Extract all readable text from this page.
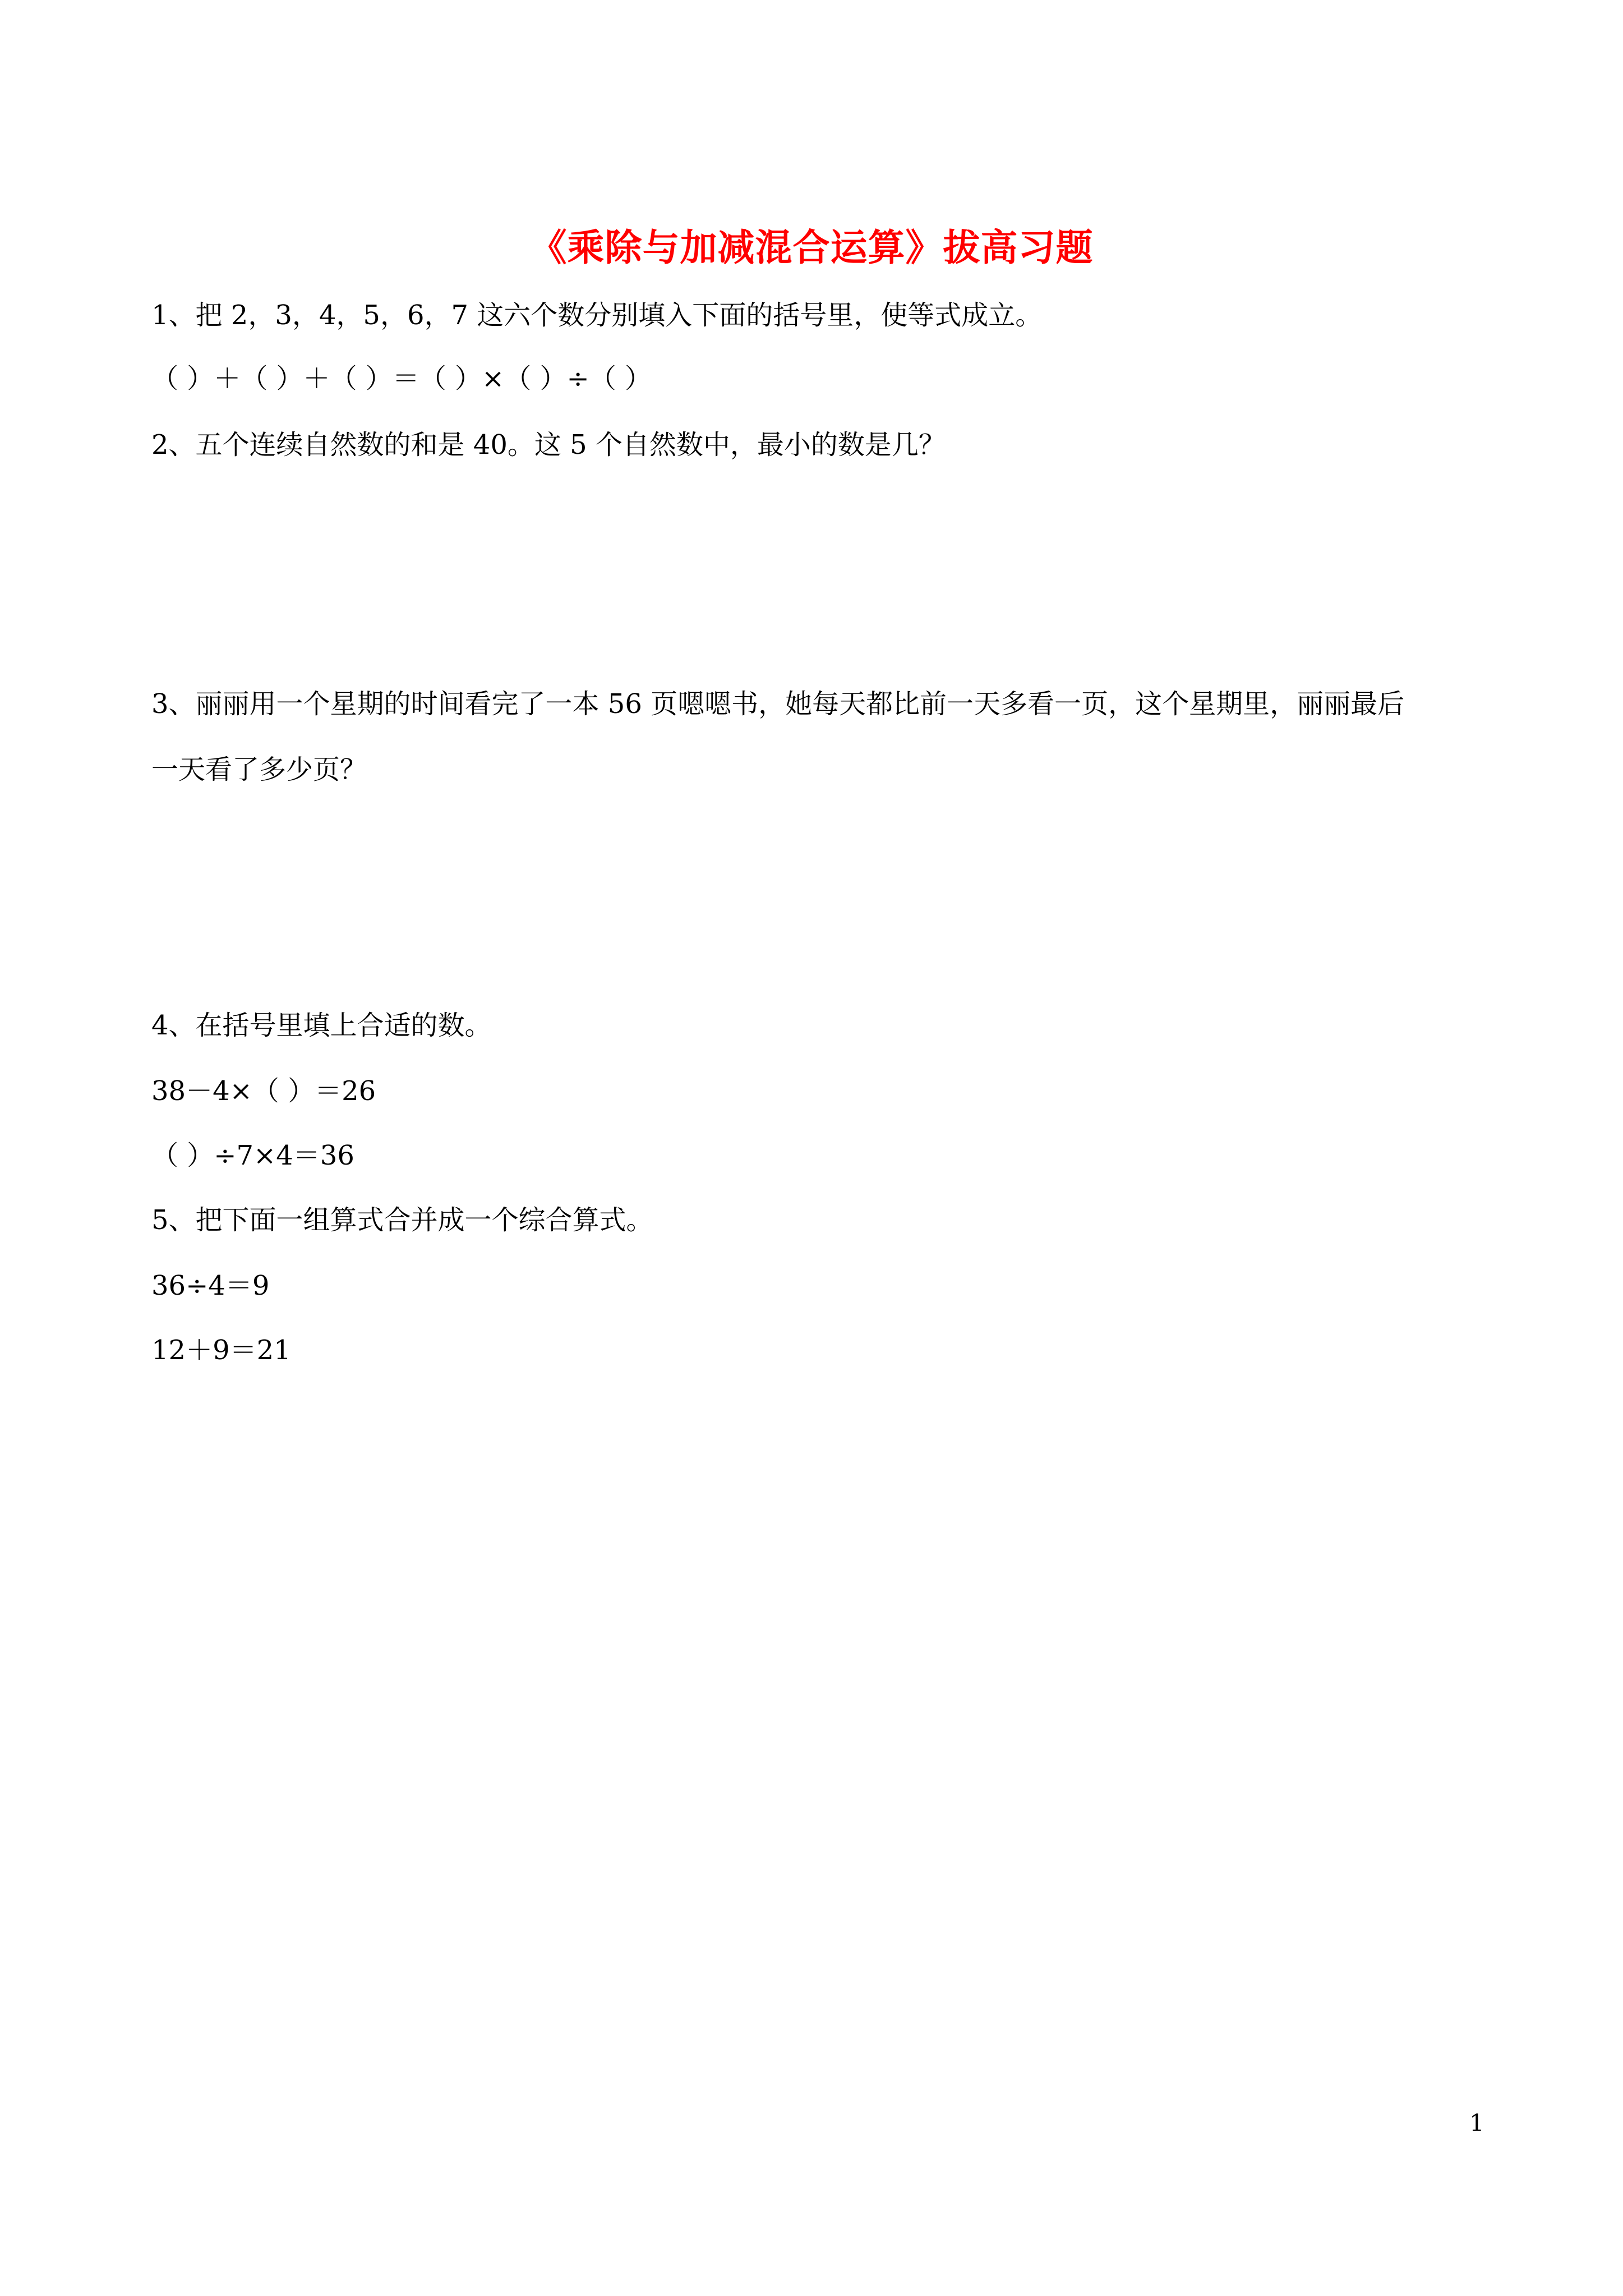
《乘除与加减混合运算》拔高习题
1、把 2，3，4，5，6，7 这六个数分别填入下面的括号里，使等式成立。
（ ）＋（ ）＋（ ）＝（ ）×（ ）÷（ ）
2、五个连续自然数的和是 40。这 5 个自然数中，最小的数是几？
3、丽丽用一个星期的时间看完了一本 56 页嗯嗯书，她每天都比前一天多看一页，这个星期里，丽丽最后
一天看了多少页？
4、在括号里填上合适的数。
38－4×（ ）＝26
（ ）÷7×4＝36
5、把下面一组算式合并成一个综合算式。
36÷4＝9
12＋9＝21
1
